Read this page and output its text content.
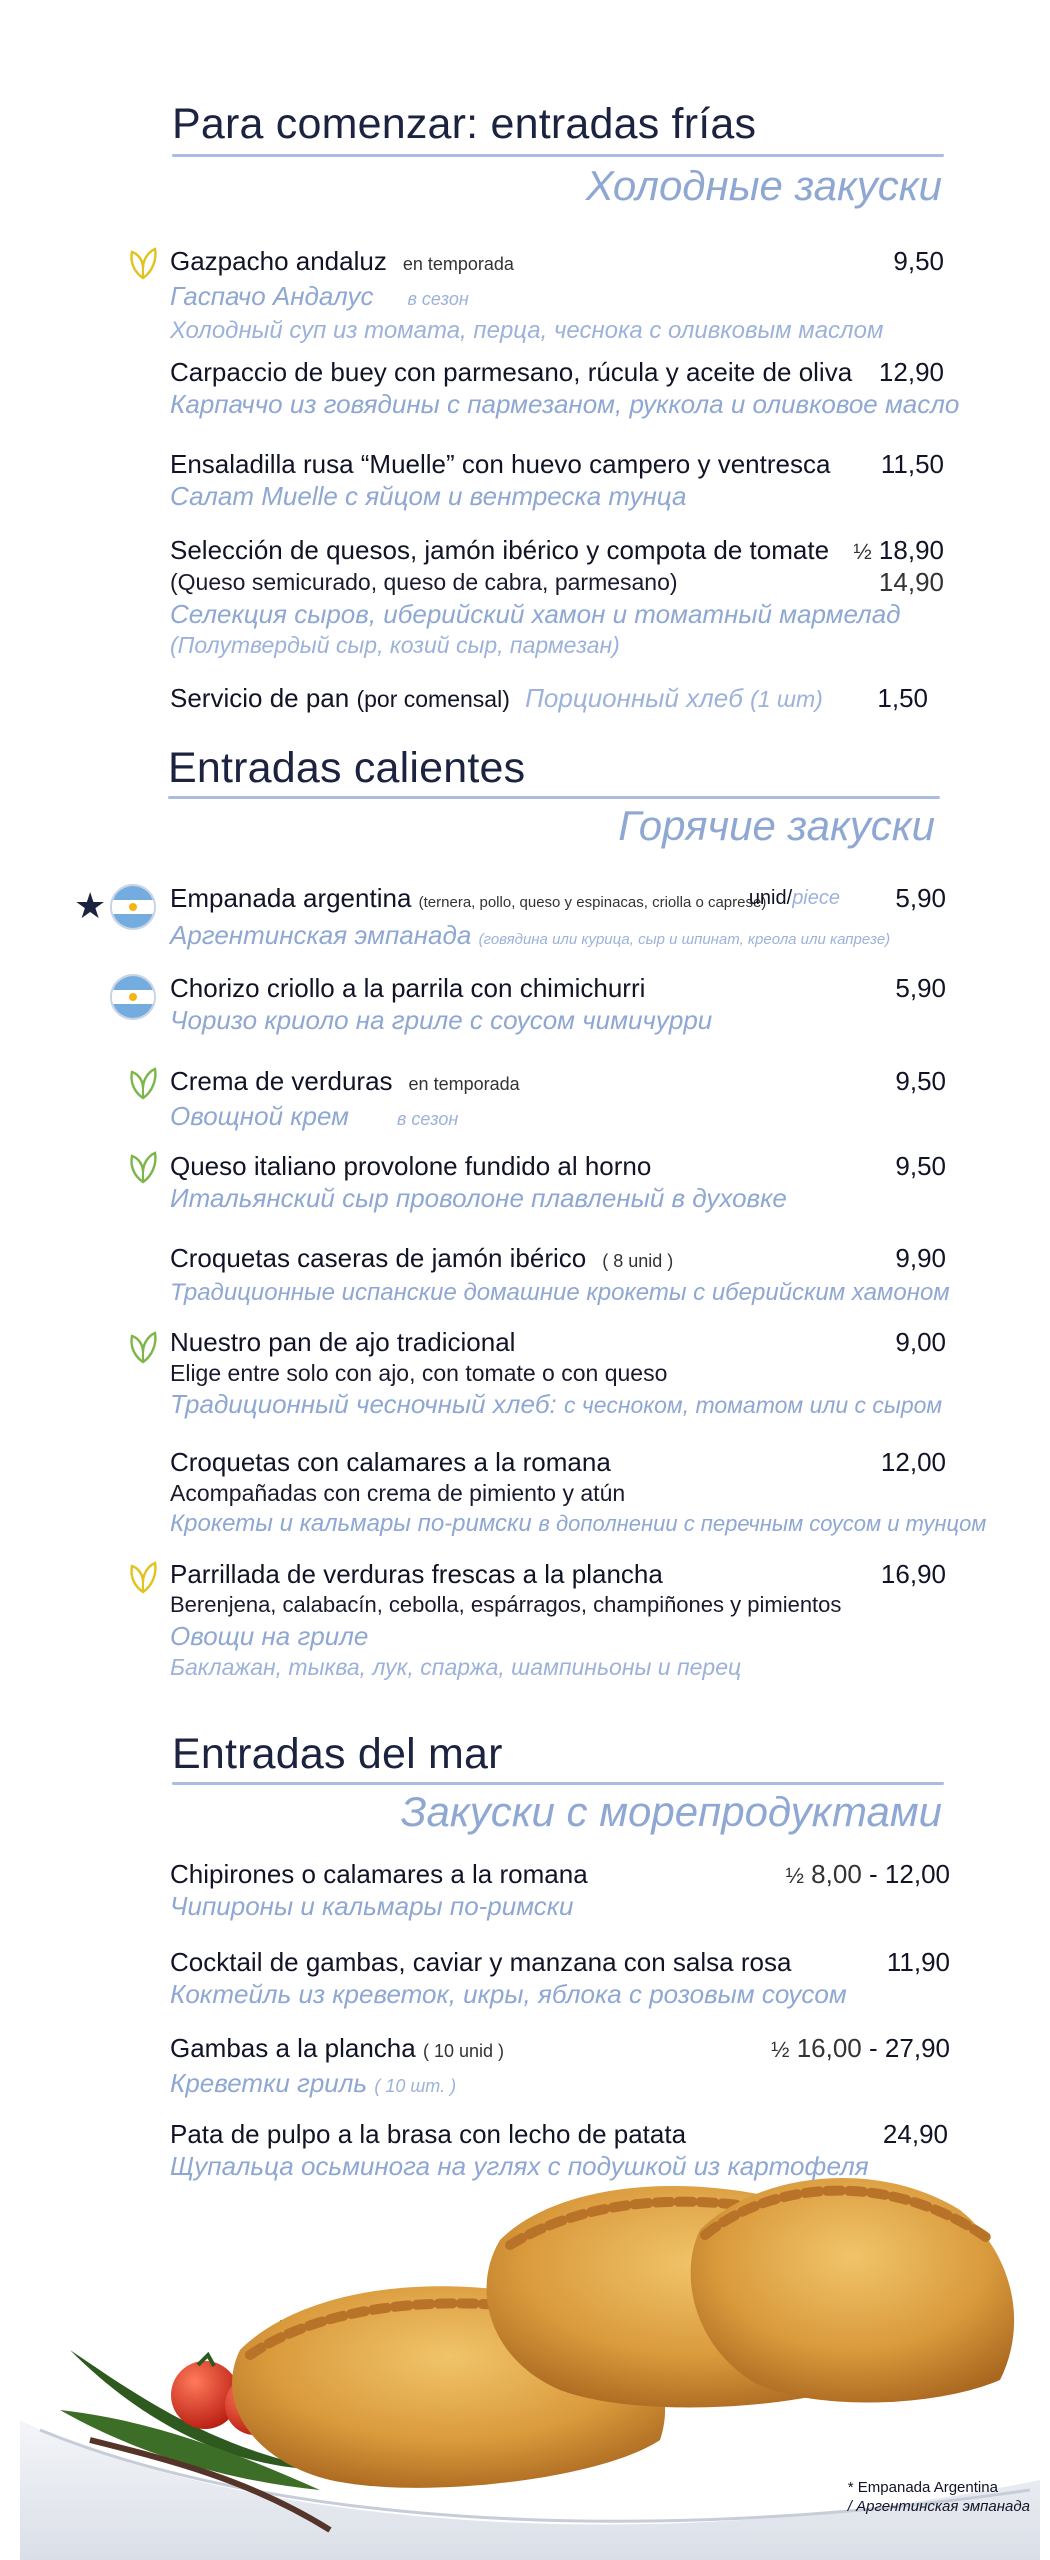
Para comenzar: entradas frías
Холодные закуски
Gazpacho andaluz en temporada
Гаспачо Андалус в сезон
Холодный суп из томата, перца, чеснока с оливковым маслом
9,50
Carpaccio de buey con parmesano, rúcula y aceite de oliva
Карпаччо из говядины с пармезаном, руккола и оливковое масло
12,90
Ensaladilla rusa “Muelle” con huevo campero y ventresca
Салат Muelle с яйцом и вентреска тунца
11,50
Selección de quesos, jamón ibérico y compota de tomate
(Queso semicurado, queso de cabra, parmesano)
Селекция сыров, иберийский хамон и томатный мармелад
(Полутвердый сыр, козий сыр, пармезан)
½ 18,90
14,90
Servicio de pan (por comensal) Порционный хлеб (1 шт)	1,50
Entradas calientes
Горячие закуски
★ Empanada argentina (ternera, pollo, queso y espinacas, criolla o caprese)
unid/piece
Аргентинская эмпанада (говядина или курица, сыр и шпинат, креола или капрезе)
5,90
Chorizo criollo a la parrila con chimichurri
Чоризо криоло на гриле с соусом чимичурри
5,90
Crema de verduras en temporada
Овощной крем	в сезон
9,50
Queso italiano provolone fundido al horno
Итальянский сыр проволоне плавленый в духовке
9,50
Croquetas caseras de jamón ibérico ( 8 unid )
Традиционные испанские домашние крокеты с иберийским хамоном
9,90
Nuestro pan de ajo tradicional
Elige entre solo con ajo, con tomate o con queso
Традиционный чесночный хлеб: с чесноком, томатом или с сыром
9,00
Croquetas con calamares a la romana
Acompañadas con crema de pimiento y atún
Крокеты и кальмары по-римски в дополнении с перечным соусом и тунцом
12,00
Parrillada de verduras frescas a la plancha
Berenjena, calabacín, cebolla, espárragos, champiñones y pimientos
Овощи на гриле
Баклажан, тыква, лук, спаржа, шампиньоны и перец
16,90
Entradas del mar
Закуски с морепродуктами
Chipirones o calamares a la romana
Чипироны и кальмары по-римски
½ 8,00 - 12,00
Cocktail de gambas, caviar y manzana con salsa rosa
Коктейль из креветок, икры, яблока с розовым соусом
11,90
Gambas a la plancha ( 10 unid )
Креветки гриль ( 10 шт. )
½ 16,00 - 27,90
Pata de pulpo a la brasa con lecho de patata
Щупальца осьминога на углях с подушкой из картофеля
24,90
* Empanada Argentina
/ Аргентинская эмпанада
